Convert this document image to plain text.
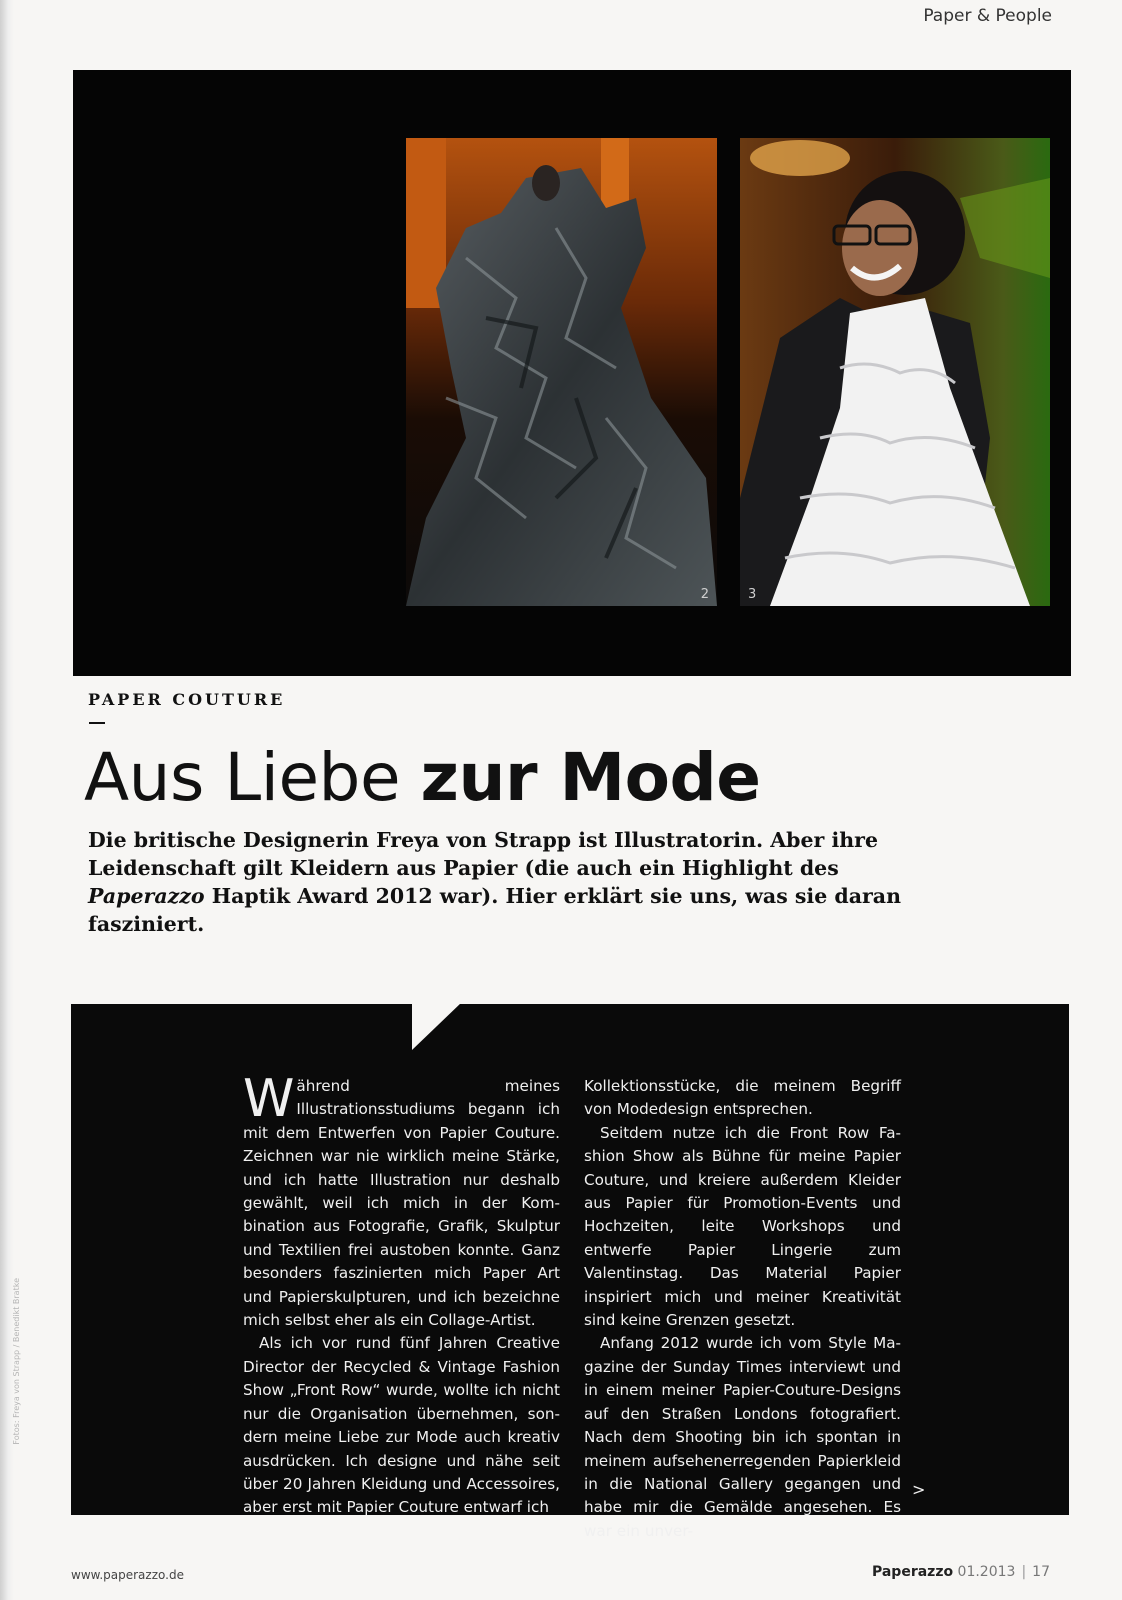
Paper & People
2	3
PAPER COUTURE
Aus Liebe zur Mode

Die britische Designerin Freya von Strapp ist Illustratorin. Aber ihre Leidenschaft gilt Kleidern aus Papier (die auch ein Highlight des Paperazzo Haptik Award 2012 war). Hier erklärt sie uns, was sie daran fasziniert.

Während meines Illustrationsstudiums begann ich mit dem Entwerfen von Papier Couture. Zeichnen war nie wirklich meine Stärke, und ich hatte Illustration nur deshalb gewählt, weil ich mich in der Kombination aus Fotografie, Grafik, Skulptur und Textilien frei austoben konnte. Ganz besonders faszinierten mich Paper Art und Papierskulpturen, und ich bezeichne mich selbst eher als ein Collage-Artist.

Als ich vor rund fünf Jahren Creative Director der Recycled & Vintage Fashion Show „Front Row“ wurde, wollte ich nicht nur die Organisation übernehmen, sondern meine Liebe zur Mode auch kreativ ausdrücken. Ich designe und nähe seit über 20 Jahren Kleidung und Accessoires, aber erst mit Papier Couture entwarf ich

Kollektionsstücke, die meinem Begriff von Modedesign entsprechen.

Seitdem nutze ich die Front Row Fashion Show als Bühne für meine Papier Couture, und kreiere außerdem Kleider aus Papier für Promotion-Events und Hochzeiten, leite Workshops und entwerfe Papier Lingerie zum Valentinstag. Das Material Papier inspiriert mich und meiner Kreativität sind keine Grenzen gesetzt.

Anfang 2012 wurde ich vom Style Magazine der Sunday Times interviewt und in einem meiner Papier-Couture-Designs auf den Straßen Londons fotografiert. Nach dem Shooting bin ich spontan in meinem aufsehenerregenden Papierkleid in die National Gallery gegangen und habe mir die Gemälde angesehen. Es war ein unver-

>
Fotos: Freya von Strapp / Benedikt Bratke
www.paperazzo.de	Paperazzo 01.2013 | 17
